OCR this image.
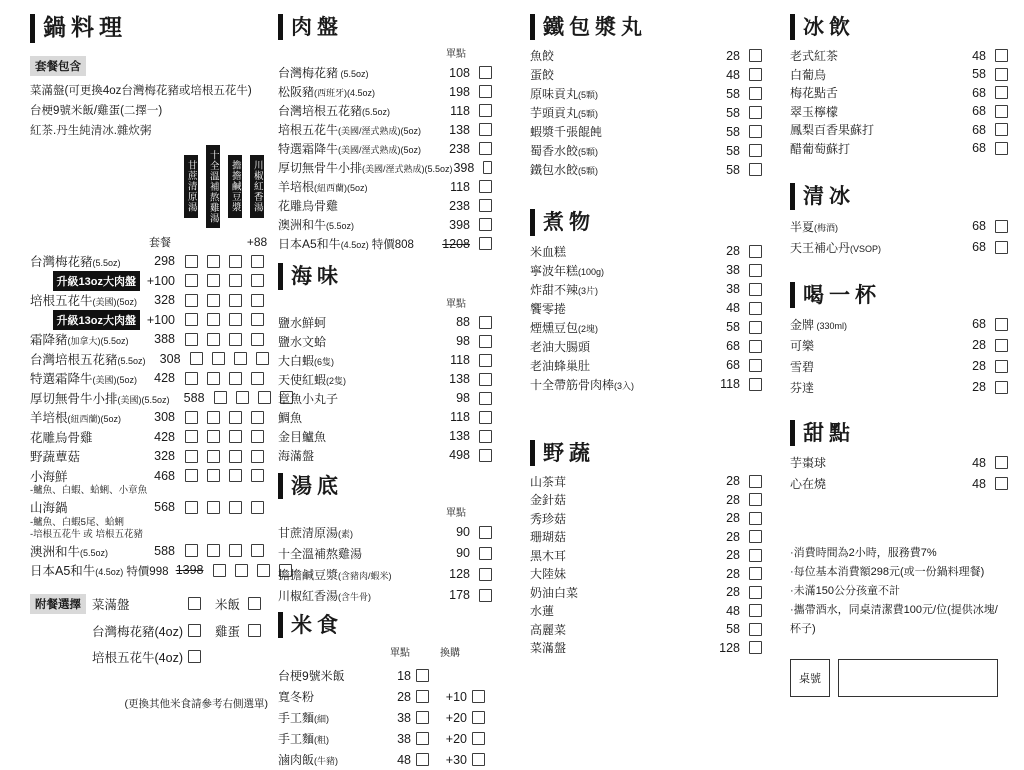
鍋料理
套餐包含
菜滿盤(可更換4oz台灣梅花豬或培根五花牛)
台梗9號米飯/雞蛋(二擇一)
紅茶.丹生純清冰.雜炊粥
甘蔗清原湯 十全溫補熬雞湯 擔擔鹹豆漿 川椒紅香湯
套餐	+88
台灣梅花豬(5.5oz)	298
升級13oz大肉盤 +100
培根五花牛(美國)(5oz)	328
升級13oz大肉盤 +100
霜降豬(加拿大)(5.5oz)	388
台灣培根五花豬(5.5oz)	308
特選霜降牛(美國)(5oz)	428
厚切無骨牛小排(美國)(5.5oz)	588
羊培根(紐西蘭)(5oz)	308
花雕烏骨雞	428
野蔬蕈菇	328
小海鮮	468
-鱸魚、白蝦、蛤蜊、小章魚
山海鍋	568
-鱸魚、白蝦5尾、蛤蜊
-培根五花牛 或 培根五花豬
澳洲和牛(5.5oz)	588
日本A5和牛(4.5oz) 特價998 1398
附餐選擇 菜滿盤	米飯
台灣梅花豬(4oz)	雞蛋
培根五花牛(4oz)
(更換其他米食請參考右側選單)
肉盤
單點
台灣梅花豬 (5.5oz)	108
松阪豬(西班牙)(4.5oz)	198
台灣培根五花豬(5.5oz)	118
培根五花牛(美國/溼式熟成)(5oz)	138
特選霜降牛(美國/溼式熟成)(5oz)	238
厚切無骨牛小排(美國/溼式熟成)(5.5oz) 398
羊培根(紐西蘭)(5oz)	118
花雕烏骨雞	238
澳洲和牛(5.5oz)	398
日本A5和牛(4.5oz) 特價808	1208
海味
單點
鹽水鮮蚵	88
鹽水文蛤	98
大白蝦(6隻)	118
天使紅蝦(2隻)	138
章魚小丸子	98
鯛魚	118
金目鱸魚	138
海滿盤	498
湯底
單點
甘蔗清原湯(素)	90
十全溫補熬雞湯	90
擔擔鹹豆漿(含豬肉/蝦米)	128
川椒紅香湯(含牛骨)	178
米食
單點	換購
台梗9號米飯	18
寬冬粉	28	+10
手工麵(細)	38	+20
手工麵(粗)	38	+20
滷肉飯(牛豬)	48	+30
鐵包漿丸
魚餃	28
蛋餃	48
原味貢丸(5顆)	58
芋頭貢丸(5顆)	58
蝦漿千張餛飩	58
蜀香水餃(5顆)	58
鐵包水餃(5顆)	58
煮物
米血糕	28
寧波年糕(100g)	38
炸甜不辣(3片)	38
饗零捲	48
煙燻豆包(2塊)	58
老油大腸頭	68
老油蜂巢肚	68
十全帶筋骨肉棒(3入)	118
野蔬
山茶茸	28
金針菇	28
秀珍菇	28
珊瑚菇	28
黑木耳	28
大陸妹	28
奶油白菜	28
水蓮	48
高麗菜	58
菜滿盤	128
冰飲
老式紅茶	48
白葡烏	58
梅花點舌	68
翠玉檸檬	68
鳳梨百香果蘇打	68
醋葡萄蘇打	68
清冰
半夏(梅酒)	68
天王補心丹(VSOP)	68
喝一杯
金牌 (330ml)	68
可樂	28
雪碧	28
芬達	28
甜點
芋棗球	48
心在燒	48
·消費時間為2小時，服務費7%
·每位基本消費額298元(或一份鍋料理餐)
·未滿150公分孩童不計
·攜帶酒水，同桌清潔費100元/位(提供冰塊/杯子)
桌號
